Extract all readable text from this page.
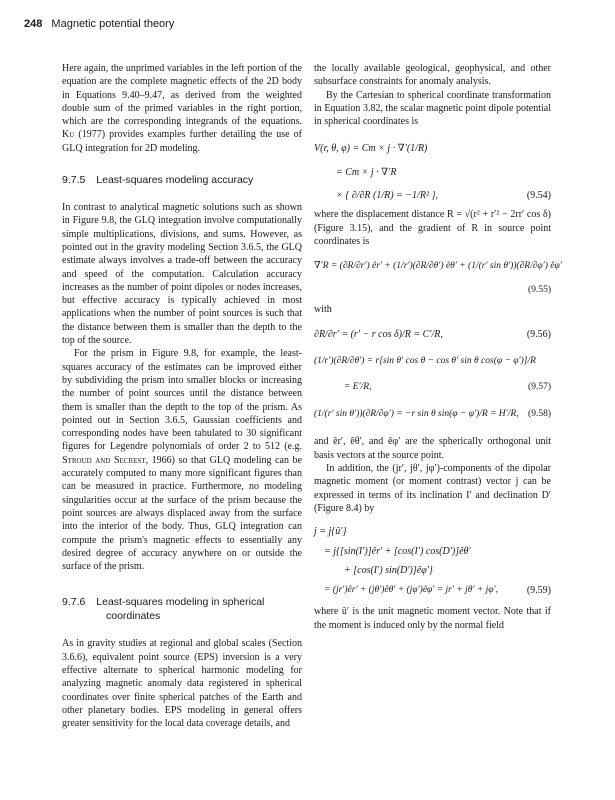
248 Magnetic potential theory

Here again, the unprimed variables in the left portion of the equation are the complete magnetic effects of the 2D body in Equations 9.40–9.47, as derived from the weighted double sum of the primed variables in the right portion, which are the corresponding integrands of the equations. Ku (1977) provides examples further detailing the use of GLQ integration for 2D modeling.

9.7.5 Least-squares modeling accuracy

In contrast to analytical magnetic solutions such as shown in Figure 9.8, the GLQ integration involve computationally simple multiplications, divisions, and sums. However, as pointed out in the gravity modeling Section 3.6.5, the GLQ estimate always involves a trade-off between the accuracy and speed of the computation. Calculation accuracy increases as the number of point dipoles or nodes increases, but effective accuracy is typically achieved in most applications when the number of point sources is such that the distance between them is smaller than the depth to the top of the source.

For the prism in Figure 9.8, for example, the least-squares accuracy of the estimates can be improved either by subdividing the prism into smaller blocks or increasing the number of point sources until the distance between them is smaller than the depth to the top of the prism. As pointed out in Section 3.6.5, Gaussian coefficients and corresponding nodes have been tabulated to 30 significant figures for Legendre polynomials of order 2 to 512 (e.g. Stroud and Secrest, 1966) so that GLQ modeling can be accurately computed to many more significant figures than can be measured in practice. Furthermore, no modeling singularities occur at the surface of the prism because the point sources are always displaced away from the surface into the interior of the body. Thus, GLQ integration can compute the prism's magnetic effects to essentially any desired degree of accuracy anywhere on or outside the surface of the prism.

9.7.6 Least-squares modeling in spherical
coordinates

As in gravity studies at regional and global scales (Section 3.6.6), equivalent point source (EPS) inversion is a very effective alternate to spherical harmonic modeling for analyzing magnetic anomaly data registered in spherical coordinates over finite spherical patches of the Earth and other planetary bodies. EPS modeling in general offers greater sensitivity for the local data coverage details, and

the locally available geological, geophysical, and other subsurface constraints for anomaly analysis.

By the Cartesian to spherical coordinate transformation in Equation 3.82, the scalar magnetic point dipole potential in spherical coordinates is

V(r, θ, φ) = Cm × j · ∇′(1/R)
= Cm × j · ∇′R
× { ∂/∂R (1/R) = −1/R² },	(9.54)

where the displacement distance R = √(r² + r′² − 2rr′ cos δ) (Figure 3.15), and the gradient of R in source point coordinates is

∇′R = (∂R/∂r′) êr′ + (1/r′)(∂R/∂θ′) êθ′ + (1/(r′ sin θ′))(∂R/∂φ′) êφ′
(9.55)

with

∂R/∂r′ = (r′ − r cos δ)/R = C′/R,	(9.56)
(1/r′)(∂R/∂θ′) = r[sin θ′ cos θ − cos θ′ sin θ cos(φ − φ′)]/R
= E′/R,	(9.57)
(1/(r′ sin θ′))(∂R/∂φ′) = −r sin θ sin(φ − φ′)/R = H′/R, (9.58)

and êr′, êθ′, and êφ′ are the spherically orthogonal unit basis vectors at the source point.

In addition, the (jr′, jθ′, jφ′)-components of the dipolar magnetic moment (or moment contrast) vector j can be expressed in terms of its inclination I′ and declination D′ (Figure 8.4) by

j = j{û′}
= j{[sin(I′)]êr′ + [cos(I′) cos(D′)]êθ′
+ [cos(I′) sin(D′)]êφ′}
= (jr′)êr′ + (jθ′)êθ′ + (jφ′)êφ′ = jr′ + jθ′ + jφ′,	(9.59)

where û′ is the unit magnetic moment vector. Note that if the moment is induced only by the normal field
